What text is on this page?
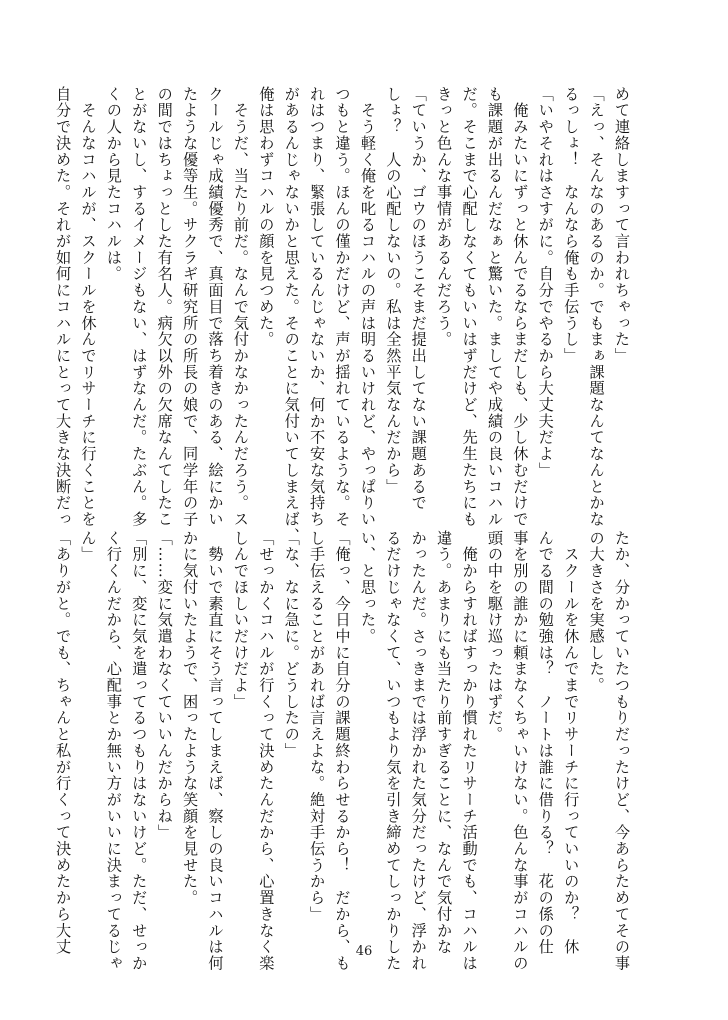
めて連絡しますって言われちゃった」
「えっ、そんなのあるのか。でもまぁ課題なんてなんとかな
るっしょ！　なんなら俺も手伝うし」
「いやそれはさすがに。自分でやるから大丈夫だよ」
　俺みたいにずっと休んでるならまだしも、少し休むだけで
も課題が出るんだなぁと驚いた。ましてや成績の良いコハル
だ。そこまで心配しなくてもいいはずだけど、先生たちにも
きっと色んな事情があるんだろう。
「ていうか、ゴウのほうこそまだ提出してない課題あるで
しょ？　人の心配しないの。私は全然平気なんだから」
　そう軽く俺を叱るコハルの声は明るいけれど、やっぱりい
つもと違う。ほんの僅かだけど、声が揺れているような。そ
れはつまり、緊張しているんじゃないか、何か不安な気持ち
があるんじゃないかと思えた。そのことに気付いてしまえば、
俺は思わずコハルの顔を見つめた。
　そうだ、当たり前だ。なんで気付かなかったんだろう。ス
クールじゃ成績優秀で、真面目で落ち着きのある、絵にかい
たような優等生。サクラギ研究所の所長の娘で、同学年の子
の間ではちょっとした有名人。病欠以外の欠席なんてしたこ
とがないし、するイメージもない、はずなんだ。たぶん。多
くの人から見たコハルは。
　そんなコハルが、スクールを休んでリサーチに行くことを
自分で決めた。それが如何にコハルにとって大きな決断だっ
たか、分かっていたつもりだったけど、今あらためてその事
の大きさを実感した。
　スクールを休んでまでリサーチに行っていいのか？　休
んでる間の勉強は？　ノートは誰に借りる？　花の係の仕
事を別の誰かに頼まなくちゃいけない。色んな事がコハルの
頭の中を駆け巡ったはずだ。
　俺からすればすっかり慣れたリサーチ活動でも、コハルは
違う。あまりにも当たり前すぎることに、なんで気付かな
かったんだ。さっきまでは浮かれた気分だったけど、浮かれ
るだけじゃなくて、いつもより気を引き締めてしっかりした
い、と思った。
「俺っ、今日中に自分の課題終わらせるから！　だから、も
し手伝えることがあれば言えよな。絶対手伝うから」
「な、なに急に。どうしたの」
「せっかくコハルが行くって決めたんだから、心置きなく楽
しんでほしいだけだよ」
　勢いで素直にそう言ってしまえば、察しの良いコハルは何
かに気付いたようで、困ったような笑顔を見せた。
「……変に気遣わなくていいんだからね」
「別に、変に気を遣ってるつもりはないけど。ただ、せっか
く行くんだから、心配事とか無い方がいいに決まってるじゃ
ん」
「ありがと。でも、ちゃんと私が行くって決めたから大丈	46
